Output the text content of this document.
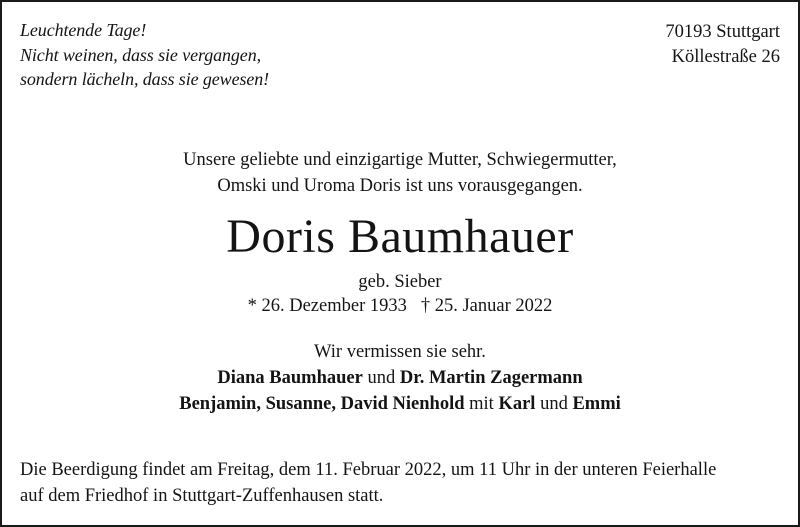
Leuchtende Tage!
Nicht weinen, dass sie vergangen,
sondern lächeln, dass sie gewesen!
70193 Stuttgart
Köllestraße 26
Unsere geliebte und einzigartige Mutter, Schwiegermutter,
Omski und Uroma Doris ist uns vorausgegangen.
Doris Baumhauer
geb. Sieber
* 26. Dezember 1933 † 25. Januar 2022
Wir vermissen sie sehr.
Diana Baumhauer und Dr. Martin Zagermann
Benjamin, Susanne, David Nienhold mit Karl und Emmi
Die Beerdigung findet am Freitag, dem 11. Februar 2022, um 11 Uhr in der unteren Feierhalle
auf dem Friedhof in Stuttgart-Zuffenhausen statt.
